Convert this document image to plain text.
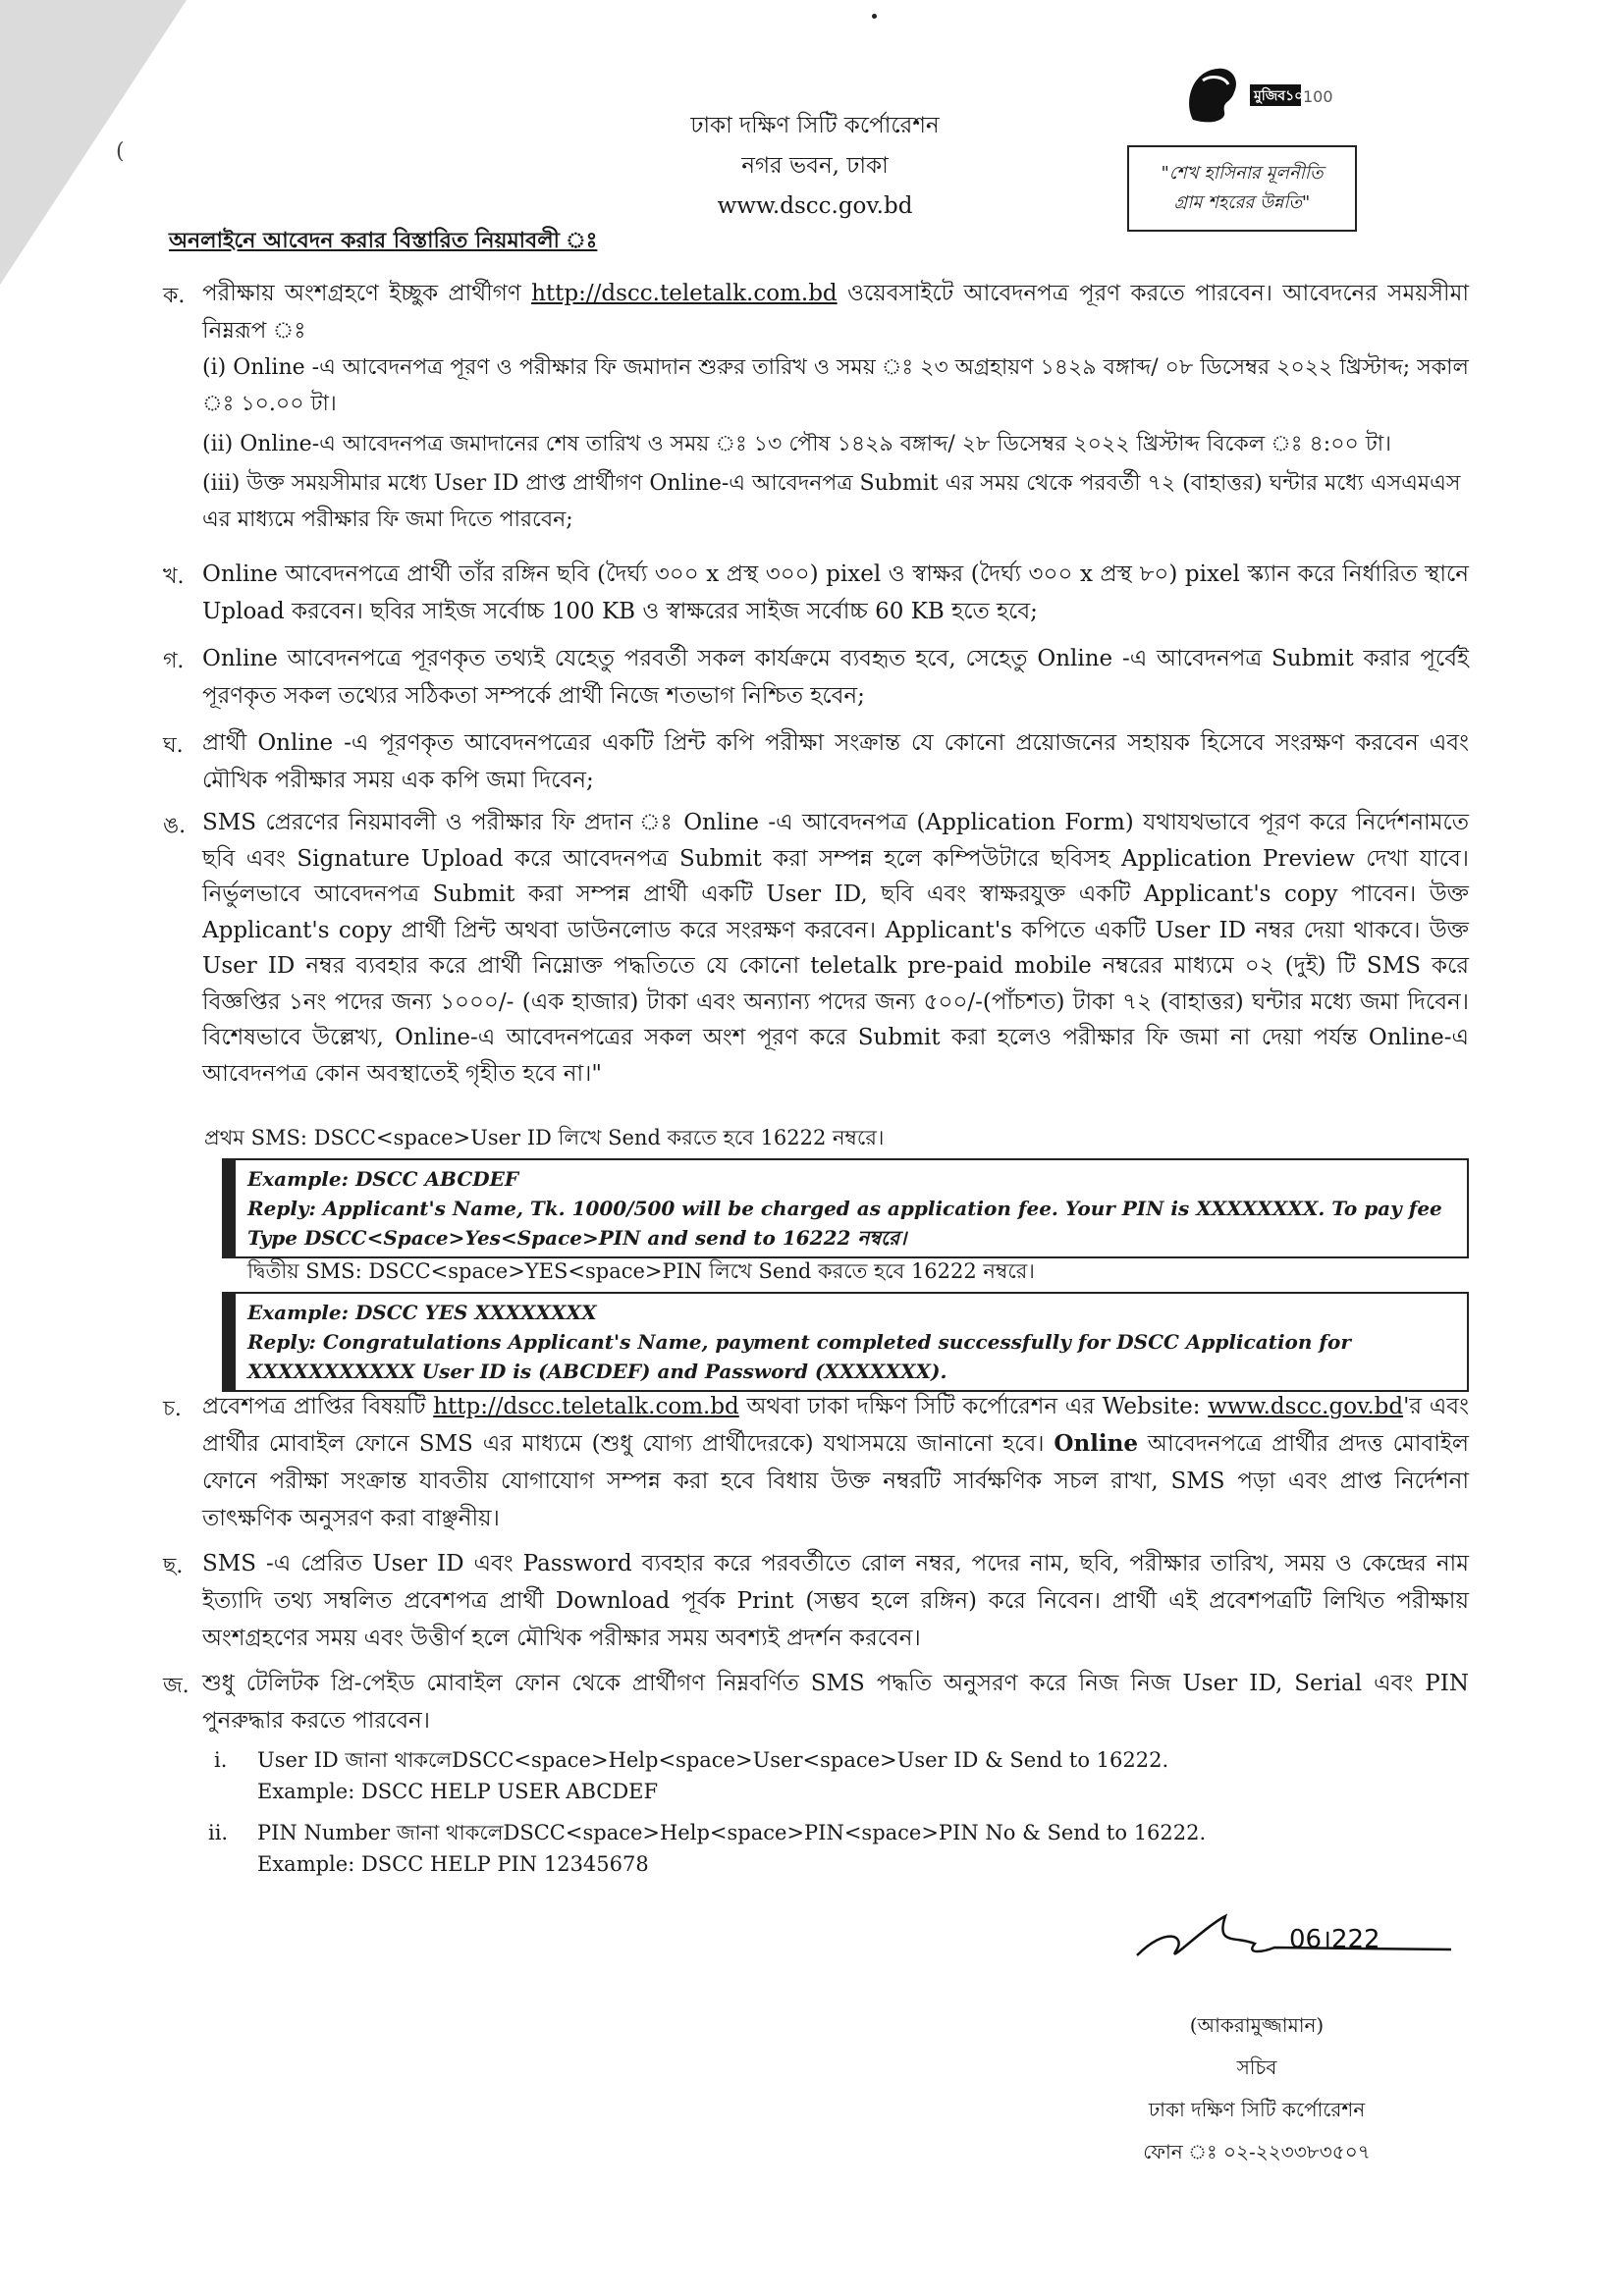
(
ঢাকা দক্ষিণ সিটি কর্পোরেশন
নগর ভবন, ঢাকা
www.dscc.gov.bd
মুজিব১০০
100
"শেখ হাসিনার মূলনীতি
গ্রাম শহরের উন্নতি"
অনলাইনে আবেদন করার বিস্তারিত নিয়মাবলী ঃ
ক. পরীক্ষায় অংশগ্রহণে ইচ্ছুক প্রার্থীগণ http://dscc.teletalk.com.bd ওয়েবসাইটে আবেদনপত্র পূরণ করতে পারবেন। আবেদনের সময়সীমা নিম্নরূপ ঃ
(i) Online -এ আবেদনপত্র পূরণ ও পরীক্ষার ফি জমাদান শুরুর তারিখ ও সময় ঃ ২৩ অগ্রহায়ণ ১৪২৯ বঙ্গাব্দ/ ০৮ ডিসেম্বর ২০২২ খ্রিস্টাব্দ; সকাল ঃ ১০.০০ টা।
(ii) Online-এ আবেদনপত্র জমাদানের শেষ তারিখ ও সময় ঃ ১৩ পৌষ ১৪২৯ বঙ্গাব্দ/ ২৮ ডিসেম্বর ২০২২ খ্রিস্টাব্দ বিকেল ঃ ৪:০০ টা।
(iii) উক্ত সময়সীমার মধ্যে User ID প্রাপ্ত প্রার্থীগণ Online-এ আবেদনপত্র Submit এর সময় থেকে পরবর্তী ৭২ (বাহাত্তর) ঘন্টার মধ্যে এসএমএস এর মাধ্যমে পরীক্ষার ফি জমা দিতে পারবেন;
খ. Online আবেদনপত্রে প্রার্থী তাঁর রঙ্গিন ছবি (দৈর্ঘ্য ৩০০ x প্রস্থ ৩০০) pixel ও স্বাক্ষর (দৈর্ঘ্য ৩০০ x প্রস্থ ৮০) pixel স্ক্যান করে নির্ধারিত স্থানে Upload করবেন। ছবির সাইজ সর্বোচ্চ 100 KB ও স্বাক্ষরের সাইজ সর্বোচ্চ 60 KB হতে হবে;
গ. Online আবেদনপত্রে পূরণকৃত তথ্যই যেহেতু পরবর্তী সকল কার্যক্রমে ব্যবহৃত হবে, সেহেতু Online -এ আবেদনপত্র Submit করার পূর্বেই পূরণকৃত সকল তথ্যের সঠিকতা সম্পর্কে প্রার্থী নিজে শতভাগ নিশ্চিত হবেন;
ঘ. প্রার্থী Online -এ পূরণকৃত আবেদনপত্রের একটি প্রিন্ট কপি পরীক্ষা সংক্রান্ত যে কোনো প্রয়োজনের সহায়ক হিসেবে সংরক্ষণ করবেন এবং মৌখিক পরীক্ষার সময় এক কপি জমা দিবেন;
ঙ. SMS প্রেরণের নিয়মাবলী ও পরীক্ষার ফি প্রদান ঃ Online -এ আবেদনপত্র (Application Form) যথাযথভাবে পূরণ করে নির্দেশনামতে ছবি এবং Signature Upload করে আবেদনপত্র Submit করা সম্পন্ন হলে কম্পিউটারে ছবিসহ Application Preview দেখা যাবে। নির্ভুলভাবে আবেদনপত্র Submit করা সম্পন্ন প্রার্থী একটি User ID, ছবি এবং স্বাক্ষরযুক্ত একটি Applicant's copy পাবেন। উক্ত Applicant's copy প্রার্থী প্রিন্ট অথবা ডাউনলোড করে সংরক্ষণ করবেন। Applicant's কপিতে একটি User ID নম্বর দেয়া থাকবে। উক্ত User ID নম্বর ব্যবহার করে প্রার্থী নিম্নোক্ত পদ্ধতিতে যে কোনো teletalk pre-paid mobile নম্বরের মাধ্যমে ০২ (দুই) টি SMS করে বিজ্ঞপ্তির ১নং পদের জন্য ১০০০/- (এক হাজার) টাকা এবং অন্যান্য পদের জন্য ৫০০/-(পাঁচশত) টাকা ৭২ (বাহাত্তর) ঘন্টার মধ্যে জমা দিবেন। বিশেষভাবে উল্লেখ্য, Online-এ আবেদনপত্রের সকল অংশ পূরণ করে Submit করা হলেও পরীক্ষার ফি জমা না দেয়া পর্যন্ত Online-এ আবেদনপত্র কোন অবস্থাতেই গৃহীত হবে না।"
প্রথম SMS: DSCC<space>User ID লিখে Send করতে হবে 16222 নম্বরে।
Example: DSCC ABCDEF
Reply: Applicant's Name, Tk. 1000/500 will be charged as application fee. Your PIN is XXXXXXXX. To pay fee Type DSCC<Space>Yes<Space>PIN and send to 16222 নম্বরে।
দ্বিতীয় SMS: DSCC<space>YES<space>PIN লিখে Send করতে হবে 16222 নম্বরে।
Example: DSCC YES XXXXXXXX
Reply: Congratulations Applicant's Name, payment completed successfully for DSCC Application for XXXXXXXXXXX User ID is (ABCDEF) and Password (XXXXXXX).
চ. প্রবেশপত্র প্রাপ্তির বিষয়টি http://dscc.teletalk.com.bd অথবা ঢাকা দক্ষিণ সিটি কর্পোরেশন এর Website: www.dscc.gov.bd'র এবং প্রার্থীর মোবাইল ফোনে SMS এর মাধ্যমে (শুধু যোগ্য প্রার্থীদেরকে) যথাসময়ে জানানো হবে। Online আবেদনপত্রে প্রার্থীর প্রদত্ত মোবাইল ফোনে পরীক্ষা সংক্রান্ত যাবতীয় যোগাযোগ সম্পন্ন করা হবে বিধায় উক্ত নম্বরটি সার্বক্ষণিক সচল রাখা, SMS পড়া এবং প্রাপ্ত নির্দেশনা তাৎক্ষণিক অনুসরণ করা বাঞ্ছনীয়।
ছ. SMS -এ প্রেরিত User ID এবং Password ব্যবহার করে পরবর্তীতে রোল নম্বর, পদের নাম, ছবি, পরীক্ষার তারিখ, সময় ও কেন্দ্রের নাম ইত্যাদি তথ্য সম্বলিত প্রবেশপত্র প্রার্থী Download পূর্বক Print (সম্ভব হলে রঙ্গিন) করে নিবেন। প্রার্থী এই প্রবেশপত্রটি লিখিত পরীক্ষায় অংশগ্রহণের সময় এবং উত্তীর্ণ হলে মৌখিক পরীক্ষার সময় অবশ্যই প্রদর্শন করবেন।
জ. শুধু টেলিটক প্রি-পেইড মোবাইল ফোন থেকে প্রার্থীগণ নিম্নবর্ণিত SMS পদ্ধতি অনুসরণ করে নিজ নিজ User ID, Serial এবং PIN পুনরুদ্ধার করতে পারবেন।
i. User ID জানা থাকলেDSCC<space>Help<space>User<space>User ID & Send to 16222.
Example: DSCC HELP USER ABCDEF
ii. PIN Number জানা থাকলেDSCC<space>Help<space>PIN<space>PIN No & Send to 16222.
Example: DSCC HELP PIN 12345678
06।222
(আকরামুজ্জামান)
সচিব
ঢাকা দক্ষিণ সিটি কর্পোরেশন
ফোন ঃ ০২-২২৩৩৮৩৫০৭
